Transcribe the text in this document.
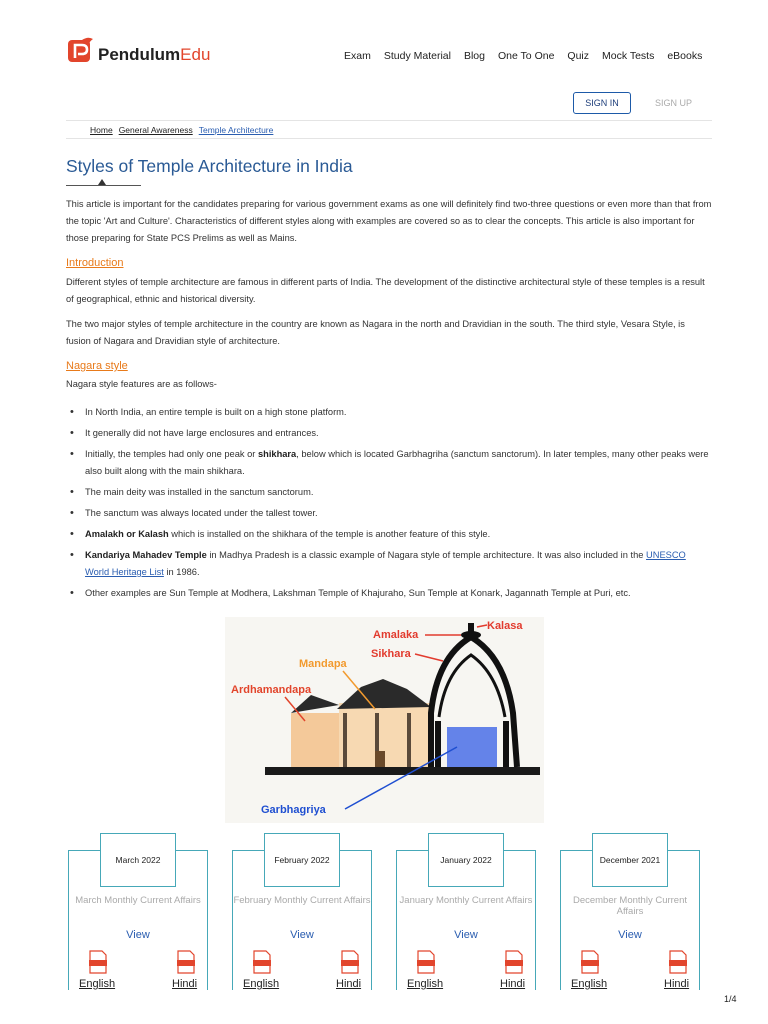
PendulumEdu	Exam Study Material Blog One To One Quiz Mock Tests eBooks
SIGN IN	SIGN UP
Home General Awareness Temple Architecture
Styles of Temple Architecture in India
This article is important for the candidates preparing for various government exams as one will definitely find two-three questions or even more than that from the topic 'Art and Culture'. Characteristics of different styles along with examples are covered so as to clear the concepts. This article is also important for those preparing for State PCS Prelims as well as Mains.
Introduction
Different styles of temple architecture are famous in different parts of India. The development of the distinctive architectural style of these temples is a result of geographical, ethnic and historical diversity.
The two major styles of temple architecture in the country are known as Nagara in the north and Dravidian in the south. The third style, Vesara Style, is fusion of Nagara and Dravidian style of architecture.
Nagara style
Nagara style features are as follows-
• In North India, an entire temple is built on a high stone platform.
• It generally did not have large enclosures and entrances.
• Initially, the temples had only one peak or shikhara, below which is located Garbhagriha (sanctum sanctorum). In later temples, many other peaks were also built along with the main shikhara.
• The main deity was installed in the sanctum sanctorum.
• The sanctum was always located under the tallest tower.
• Amalakh or Kalash which is installed on the shikhara of the temple is another feature of this style.
• Kandariya Mahadev Temple in Madhya Pradesh is a classic example of Nagara style of temple architecture. It was also included in the UNESCO World Heritage List in 1986.
• Other examples are Sun Temple at Modhera, Lakshman Temple of Khajuraho, Sun Temple at Konark, Jagannath Temple at Puri, etc.
Kalasa
Amalaka
Sikhara
Mandapa
Ardhamandapa
Garbhagriya
March 2022
March Monthly Current Affairs
View
English	Hindi
February 2022
February Monthly Current Affairs
View
English	Hindi
January 2022
January Monthly Current Affairs
View
English	Hindi
December 2021
December Monthly Current Affairs
View
English	Hindi
1/4
